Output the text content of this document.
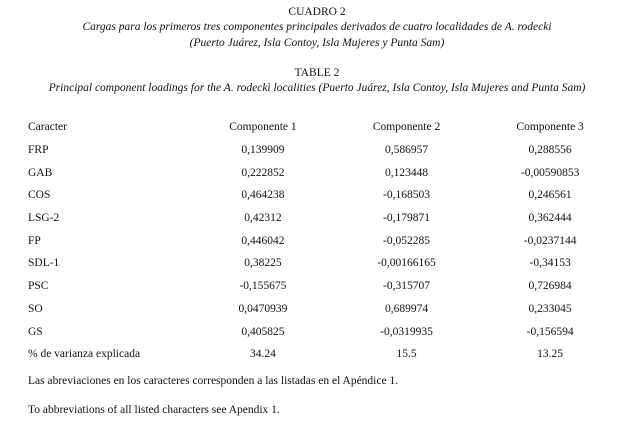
CUADRO 2
Cargas para los primeros tres componentes principales derivados de cuatro localidades de A. rodecki
(Puerto Juárez, Isla Contoy, Isla Mujeres y Punta Sam)
TABLE 2
Principal component loadings for the A. rodeckì localities (Puerto Juárez, Isla Contoy, Isla Mujeres and Punta Sam)
Caracter	Componente 1	Componente 2	Componente 3
FRP	0,139909	0,586957	0,288556
GAB	0,222852	0,123448	-0,00590853
COS	0,464238	-0,168503	0,246561
LSG-2	0,42312	-0,179871	0,362444
FP	0,446042	-0,052285	-0,0237144
SDL-1	0,38225	-0,00166165	-0,34153
PSC	-0,155675	-0,315707	0,726984
SO	0,0470939	0,689974	0,233045
GS	0,405825	-0,0319935	-0,156594
% de varianza explicada	34.24	15.5	13.25
Las abreviaciones en los caracteres corresponden a las listadas en el Apéndice 1.
To abbreviations of all listed characters see Apendix 1.
